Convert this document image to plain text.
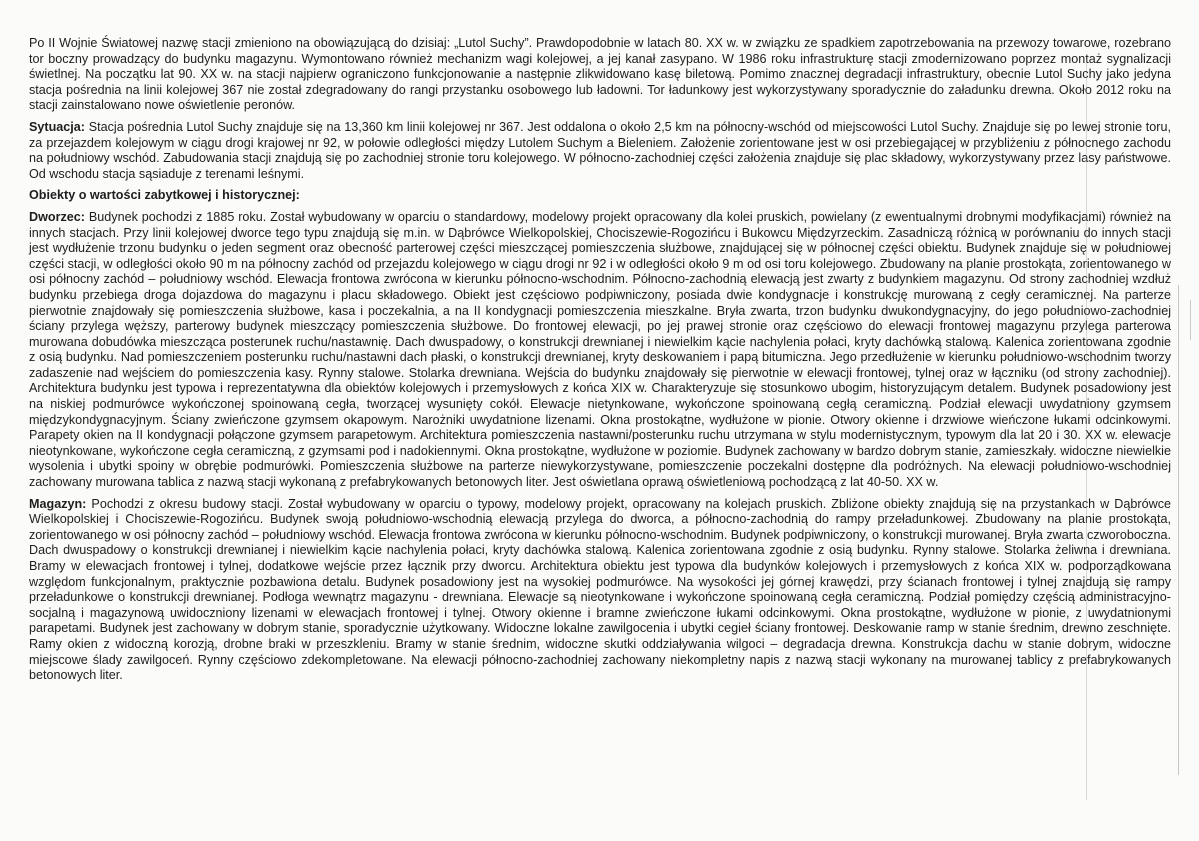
Po II Wojnie Światowej nazwę stacji zmieniono na obowiązującą do dzisiaj: „Lutol Suchy”. Prawdopodobnie w latach 80. XX w. w związku ze spadkiem zapotrzebowania na przewozy towarowe, rozebrano tor boczny prowadzący do budynku magazynu. Wymontowano również mechanizm wagi kolejowej, a jej kanał zasypano. W 1986 roku infrastrukturę stacji zmodernizowano poprzez montaż sygnalizacji świetlnej. Na początku lat 90. XX w. na stacji najpierw ograniczono funkcjonowanie a następnie zlikwidowano kasę biletową. Pomimo znacznej degradacji infrastruktury, obecnie Lutol Suchy jako jedyna stacja pośrednia na linii kolejowej 367 nie został zdegradowany do rangi przystanku osobowego lub ładowni. Tor ładunkowy jest wykorzystywany sporadycznie do załadunku drewna. Około 2012 roku na stacji zainstalowano nowe oświetlenie peronów.

Sytuacja: Stacja pośrednia Lutol Suchy znajduje się na 13,360 km linii kolejowej nr 367. Jest oddalona o około 2,5 km na północny-wschód od miejscowości Lutol Suchy. Znajduje się po lewej stronie toru, za przejazdem kolejowym w ciągu drogi krajowej nr 92, w połowie odległości między Lutolem Suchym a Bieleniem. Założenie zorientowane jest w osi przebiegającej w przybliżeniu z północnego zachodu na południowy wschód. Zabudowania stacji znajdują się po zachodniej stronie toru kolejowego. W północno-zachodniej części założenia znajduje się plac składowy, wykorzystywany przez lasy państwowe. Od wschodu stacja sąsiaduje z terenami leśnymi.

Obiekty o wartości zabytkowej i historycznej:

Dworzec: Budynek pochodzi z 1885 roku. Został wybudowany w oparciu o standardowy, modelowy projekt opracowany dla kolei pruskich, powielany (z ewentualnymi drobnymi modyfikacjami) również na innych stacjach. Przy linii kolejowej dworce tego typu znajdują się m.in. w Dąbrówce Wielkopolskiej, Chociszewie-Rogozińcu i Bukowcu Międzyrzeckim. Zasadniczą różnicą w porównaniu do innych stacji jest wydłużenie trzonu budynku o jeden segment oraz obecność parterowej części mieszczącej pomieszczenia służbowe, znajdującej się w północnej części obiektu. Budynek znajduje się w południowej części stacji, w odległości około 90 m na północny zachód od przejazdu kolejowego w ciągu drogi nr 92 i w odległości około 9 m od osi toru kolejowego. Zbudowany na planie prostokąta, zorientowanego w osi północny zachód – południowy wschód. Elewacja frontowa zwrócona w kierunku północno-wschodnim. Północno-zachodnią elewacją jest zwarty z budynkiem magazynu. Od strony zachodniej wzdłuż budynku przebiega droga dojazdowa do magazynu i placu składowego. Obiekt jest częściowo podpiwniczony, posiada dwie kondygnacje i konstrukcję murowaną z cegły ceramicznej. Na parterze pierwotnie znajdowały się pomieszczenia służbowe, kasa i poczekalnia, a na II kondygnacji pomieszczenia mieszkalne. Bryła zwarta, trzon budynku dwukondygnacyjny, do jego południowo-zachodniej ściany przylega węższy, parterowy budynek mieszczący pomieszczenia służbowe. Do frontowej elewacji, po jej prawej stronie oraz częściowo do elewacji frontowej magazynu przylega parterowa murowana dobudówka mieszcząca posterunek ruchu/nastawnię. Dach dwuspadowy, o konstrukcji drewnianej i niewielkim kącie nachylenia połaci, kryty dachówką stalową. Kalenica zorientowana zgodnie z osią budynku. Nad pomieszczeniem posterunku ruchu/nastawni dach płaski, o konstrukcji drewnianej, kryty deskowaniem i papą bitumiczna. Jego przedłużenie w kierunku południowo-wschodnim tworzy zadaszenie nad wejściem do pomieszczenia kasy. Rynny stalowe. Stolarka drewniana. Wejścia do budynku znajdowały się pierwotnie w elewacji frontowej, tylnej oraz w łączniku (od strony zachodniej). Architektura budynku jest typowa i reprezentatywna dla obiektów kolejowych i przemysłowych z końca XIX w. Charakteryzuje się stosunkowo ubogim, historyzującym detalem. Budynek posadowiony jest na niskiej podmurówce wykończonej spoinowaną cegła, tworzącej wysunięty cokół. Elewacje nietynkowane, wykończone spoinowaną cegłą ceramiczną. Podział elewacji uwydatniony gzymsem międzykondygnacyjnym. Ściany zwieńczone gzymsem okapowym. Narożniki uwydatnione lizenami. Okna prostokątne, wydłużone w pionie. Otwory okienne i drzwiowe wieńczone łukami odcinkowymi. Parapety okien na II kondygnacji połączone gzymsem parapetowym. Architektura pomieszczenia nastawni/posterunku ruchu utrzymana w stylu modernistycznym, typowym dla lat 20 i 30. XX w. elewacje nieotynkowane, wykończone cegła ceramiczną, z gzymsami pod i nadokiennymi. Okna prostokątne, wydłużone w poziomie. Budynek zachowany w bardzo dobrym stanie, zamieszkały. widoczne niewielkie wysolenia i ubytki spoiny w obrębie podmurówki. Pomieszczenia służbowe na parterze niewykorzystywane, pomieszczenie poczekalni dostępne dla podróżnych. Na elewacji południowo-wschodniej zachowany murowana tablica z nazwą stacji wykonaną z prefabrykowanych betonowych liter. Jest oświetlana oprawą oświetleniową pochodzącą z lat 40-50. XX w.

Magazyn: Pochodzi z okresu budowy stacji. Został wybudowany w oparciu o typowy, modelowy projekt, opracowany na kolejach pruskich. Zbliżone obiekty znajdują się na przystankach w Dąbrówce Wielkopolskiej i Chociszewie-Rogozińcu. Budynek swoją południowo-wschodnią elewacją przylega do dworca, a północno-zachodnią do rampy przeładunkowej. Zbudowany na planie prostokąta, zorientowanego w osi północny zachód – południowy wschód. Elewacja frontowa zwrócona w kierunku północno-wschodnim. Budynek podpiwniczony, o konstrukcji murowanej. Bryła zwarta czworoboczna. Dach dwuspadowy o konstrukcji drewnianej i niewielkim kącie nachylenia połaci, kryty dachówka stalową. Kalenica zorientowana zgodnie z osią budynku. Rynny stalowe. Stolarka żeliwna i drewniana. Bramy w elewacjach frontowej i tylnej, dodatkowe wejście przez łącznik przy dworcu. Architektura obiektu jest typowa dla budynków kolejowych i przemysłowych z końca XIX w. podporządkowana względom funkcjonalnym, praktycznie pozbawiona detalu. Budynek posadowiony jest na wysokiej podmurówce. Na wysokości jej górnej krawędzi, przy ścianach frontowej i tylnej znajdują się rampy przeładunkowe o konstrukcji drewnianej. Podłoga wewnątrz magazynu - drewniana. Elewacje są nieotynkowane i wykończone spoinowaną cegła ceramiczną. Podział pomiędzy częścią administracyjno-socjalną i magazynową uwidoczniony lizenami w elewacjach frontowej i tylnej. Otwory okienne i bramne zwieńczone łukami odcinkowymi. Okna prostokątne, wydłużone w pionie, z uwydatnionymi parapetami. Budynek jest zachowany w dobrym stanie, sporadycznie użytkowany. Widoczne lokalne zawilgocenia i ubytki cegieł ściany frontowej. Deskowanie ramp w stanie średnim, drewno zeschnięte. Ramy okien z widoczną korozją, drobne braki w przeszkleniu. Bramy w stanie średnim, widoczne skutki oddziaływania wilgoci – degradacja drewna. Konstrukcja dachu w stanie dobrym, widoczne miejscowe ślady zawilgoceń. Rynny częściowo zdekompletowane. Na elewacji północno-zachodniej zachowany niekompletny napis z nazwą stacji wykonany na murowanej tablicy z prefabrykowanych betonowych liter.
